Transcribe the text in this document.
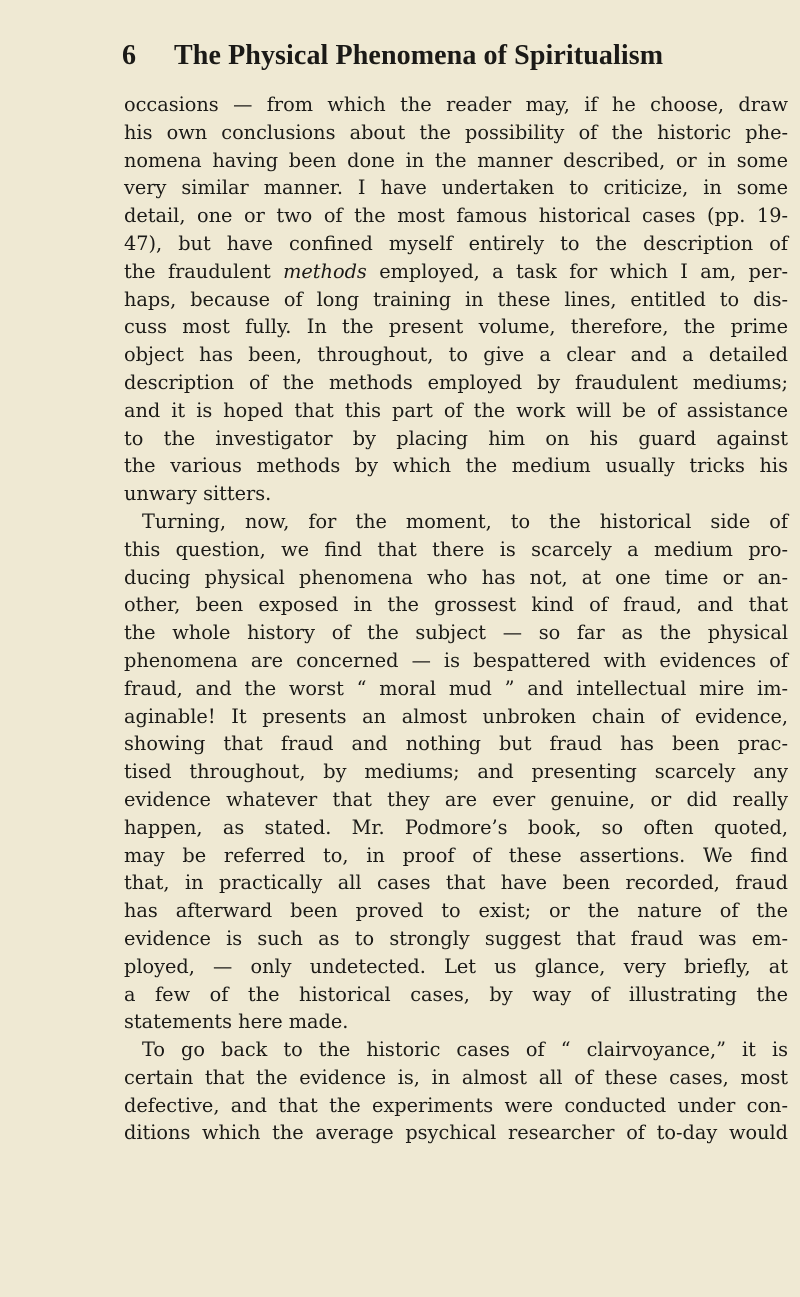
6 The Physical Phenomena of Spiritualism
occasions — from which the reader may, if he choose, draw
his own conclusions about the possibility of the historic phe-
nomena having been done in the manner described, or in some
very similar manner. I have undertaken to criticize, in some
detail, one or two of the most famous historical cases (pp. 19-
47), but have confined myself entirely to the description of
the fraudulent methods employed, a task for which I am, per-
haps, because of long training in these lines, entitled to dis-
cuss most fully. In the present volume, therefore, the prime
object has been, throughout, to give a clear and a detailed
description of the methods employed by fraudulent mediums;
and it is hoped that this part of the work will be of assistance
to the investigator by placing him on his guard against
the various methods by which the medium usually tricks his
unwary sitters.
Turning, now, for the moment, to the historical side of
this question, we find that there is scarcely a medium pro-
ducing physical phenomena who has not, at one time or an-
other, been exposed in the grossest kind of fraud, and that
the whole history of the subject — so far as the physical
phenomena are concerned — is bespattered with evidences of
fraud, and the worst “ moral mud ” and intellectual mire im-
aginable! It presents an almost unbroken chain of evidence,
showing that fraud and nothing but fraud has been prac-
tised throughout, by mediums; and presenting scarcely any
evidence whatever that they are ever genuine, or did really
happen, as stated. Mr. Podmore’s book, so often quoted,
may be referred to, in proof of these assertions. We find
that, in practically all cases that have been recorded, fraud
has afterward been proved to exist; or the nature of the
evidence is such as to strongly suggest that fraud was em-
ployed, — only undetected. Let us glance, very briefly, at
a few of the historical cases, by way of illustrating the
statements here made.
To go back to the historic cases of “ clairvoyance,” it is
certain that the evidence is, in almost all of these cases, most
defective, and that the experiments were conducted under con-
ditions which the average psychical researcher of to-day would
